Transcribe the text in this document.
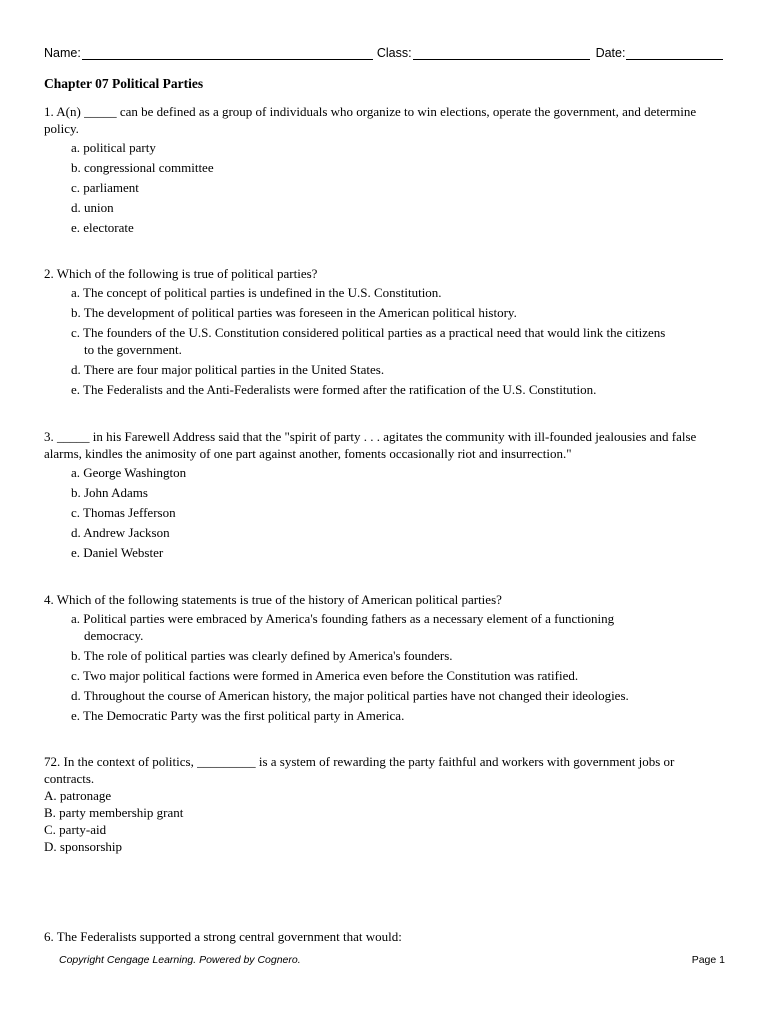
Name:	Class:	Date:
Chapter 07 Political Parties

1. A(n) _____ can be defined as a group of individuals who organize to win elections, operate the government, and determine policy.

a. political party
b. congressional committee
c. parliament
d. union
e. electorate

2. Which of the following is true of political parties?

a. The concept of political parties is undefined in the U.S. Constitution.
b. The development of political parties was foreseen in the American political history.
c. The founders of the U.S. Constitution considered political parties as a practical need that would link the citizens to the government.
d. There are four major political parties in the United States.
e. The Federalists and the Anti-Federalists were formed after the ratification of the U.S. Constitution.

3. _____ in his Farewell Address said that the "spirit of party . . . agitates the community with ill-founded jealousies and false alarms, kindles the animosity of one part against another, foments occasionally riot and insurrection."

a. George Washington
b. John Adams
c. Thomas Jefferson
d. Andrew Jackson
e. Daniel Webster

4. Which of the following statements is true of the history of American political parties?

a. Political parties were embraced by America's founding fathers as a necessary element of a functioning democracy.
b. The role of political parties was clearly defined by America's founders.
c. Two major political factions were formed in America even before the Constitution was ratified.
d. Throughout the course of American history, the major political parties have not changed their ideologies.
e. The Democratic Party was the first political party in America.

72. In the context of politics, _________ is a system of rewarding the party faithful and workers with government jobs or contracts.

A. patronage
B. party membership grant
C. party-aid
D. sponsorship

6. The Federalists supported a strong central government that would:

Copyright Cengage Learning. Powered by Cognero.	Page 1
